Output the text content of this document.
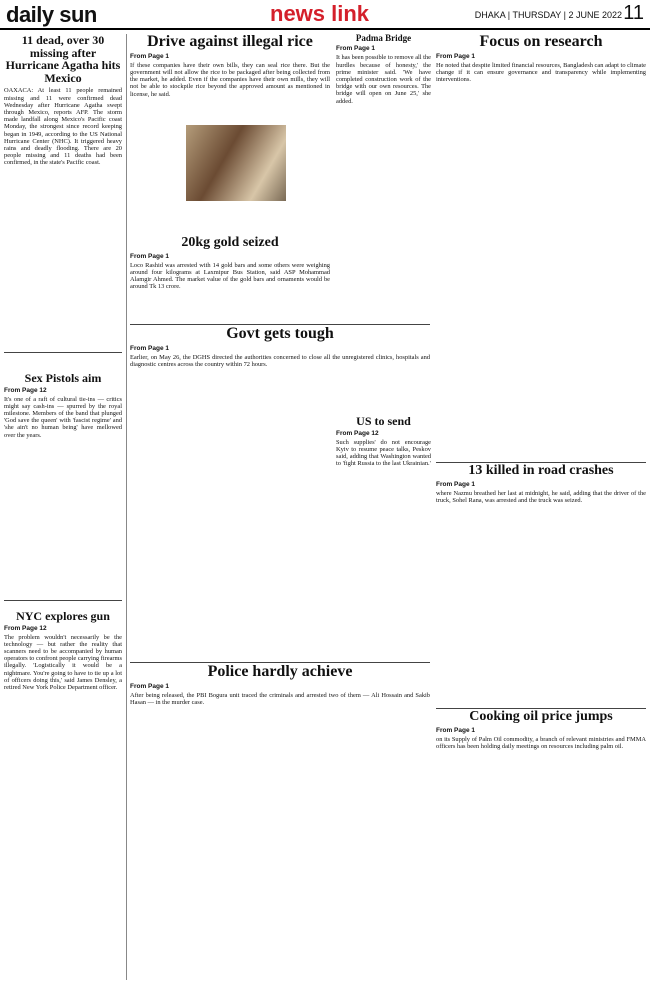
daily sun	news link	DHAKA | THURSDAY | 2 JUNE 2022 11
11 dead, over 30 missing after Hurricane Agatha hits Mexico
OAXACA: At least 11 people remained missing and 11 were confirmed dead Wednesday after Hurricane Agatha swept through Mexico, reports AFP. The storm made landfall along Mexico's Pacific coast Monday, the strongest since record keeping began in 1949, according to the US National Hurricane Center (NHC). It triggered heavy rains and deadly flooding. There are 20 people missing and 11 deaths had been confirmed, in the state's Pacific coast.
Sex Pistols aim
From Page 12
It's one of a raft of cultural tie-ins — critics might say cash-ins — spurred by the royal milestone. Members of the band that plunged 'God save the queen' with 'fascist regime' and 'she ain't no human being' have mellowed over the years.
NYC explores gun
From Page 12
The problem wouldn't necessarily be the technology — but rather the reality that scanners need to be accompanied by human operators to confront people carrying firearms illegally. 'Logistically it would be a nightmare. You're going to have to tie up a lot of officers doing this,' said James Densley, a retired New York Police Department officer.
Drive against illegal rice
From Page 1
If these companies have their own bills, they can seal rice there. But the government will not allow the rice to be packaged after being collected from the market, he added. Even if the companies have their own mills, they will not be able to stockpile rice beyond the approved amount as mentioned in license, he said.
Padma Bridge
From Page 1
It has been possible to remove all the hurdles because of honesty,' the prime minister said. 'We have completed construction work of the bridge with our own resources. The bridge will open on June 25,' she added.
Focus on research
From Page 1
He noted that despite limited financial resources, Bangladesh can adapt to climate change if it can ensure governance and transparency while implementing interventions.
20kg gold seized
From Page 1
Loco Rashid was arrested with 14 gold bars and some others were weighing around four kilograms at Laxmipur Bus Station, said ASP Mohammad Alamgir Ahmed. The market value of the gold bars and ornaments would be around Tk 13 crore.
Govt gets tough
From Page 1
Earlier, on May 26, the DGHS directed the authorities concerned to close all the unregistered clinics, hospitals and diagnostic centres across the country within 72 hours.
Police hardly achieve
From Page 1
After being released, the PBI Bogura unit traced the criminals and arrested two of them — Ali Hossain and Sakib Hasan — in the murder case.
US to send
From Page 12
Such supplies' do not encourage Kyiv to resume peace talks, Peskov said, adding that Washington wanted to 'fight Russia to the last Ukrainian.'	13 killed in road crashes
From Page 1
where Nazmu breathed her last at midnight, he said, adding that the driver of the truck, Sohel Rana, was arrested and the truck was seized.
Cooking oil price jumps
From Page 1
on its Supply of Palm Oil commodity, a branch of relevant ministries and FMMA officers has been holding daily meetings on resources including palm oil.
